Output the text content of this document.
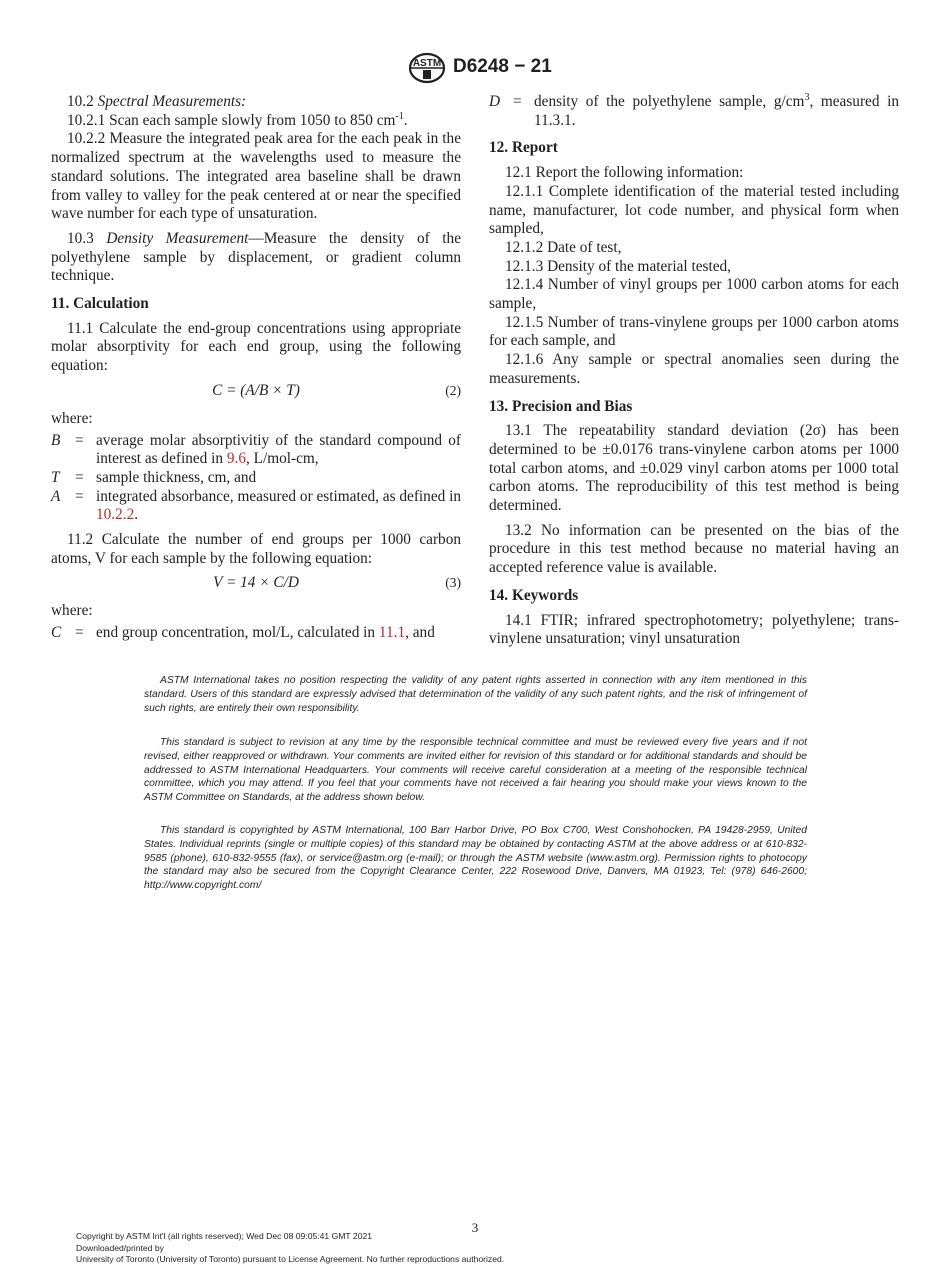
ASTM D6248 − 21

10.2 Spectral Measurements:

10.2.1 Scan each sample slowly from 1050 to 850 $cm^{-1}$.

10.2.2 Measure the integrated peak area for the each peak in the normalized spectrum at the wavelengths used to measure the standard solutions. The integrated area baseline shall be drawn from valley to valley for the peak centered at or near the specified wave number for each type of unsaturation.

10.3 Density Measurement—Measure the density of the polyethylene sample by displacement, or gradient column technique.

11. Calculation

11.1 Calculate the end-group concentrations using appropriate molar absorptivity for each end group, using the following equation:

C = (A/B × T)	(2)

where:

B = average molar absorptivitiy of the standard compound of interest as defined in 9.6, L/mol-cm,
T = sample thickness, cm, and
A = integrated absorbance, measured or estimated, as defined in 10.2.2.

11.2 Calculate the number of end groups per 1000 carbon atoms, V for each sample by the following equation:

V = 14 × C/D	(3)

where:

C = end group concentration, mol/L, calculated in 11.1, and
D = density of the polyethylene sample, $g/cm^3$, measured in 11.3.1.
12. Report

12.1 Report the following information:

12.1.1 Complete identification of the material tested including name, manufacturer, lot code number, and physical form when sampled,

12.1.2 Date of test,

12.1.3 Density of the material tested,

12.1.4 Number of vinyl groups per 1000 carbon atoms for each sample,

12.1.5 Number of trans-vinylene groups per 1000 carbon atoms for each sample, and

12.1.6 Any sample or spectral anomalies seen during the measurements.

13. Precision and Bias

13.1 The repeatability standard deviation (2σ) has been determined to be ±0.0176 trans-vinylene carbon atoms per 1000 total carbon atoms, and ±0.029 vinyl carbon atoms per 1000 total carbon atoms. The reproducibility of this test method is being determined.

13.2 No information can be presented on the bias of the procedure in this test method because no material having an accepted reference value is available.

14. Keywords

14.1 FTIR; infrared spectrophotometry; polyethylene; trans-vinylene unsaturation; vinyl unsaturation

ASTM International takes no position respecting the validity of any patent rights asserted in connection with any item mentioned in this standard. Users of this standard are expressly advised that determination of the validity of any such patent rights, and the risk of infringement of such rights, are entirely their own responsibility.

This standard is subject to revision at any time by the responsible technical committee and must be reviewed every five years and if not revised, either reapproved or withdrawn. Your comments are invited either for revision of this standard or for additional standards and should be addressed to ASTM International Headquarters. Your comments will receive careful consideration at a meeting of the responsible technical committee, which you may attend. If you feel that your comments have not received a fair hearing you should make your views known to the ASTM Committee on Standards, at the address shown below.

This standard is copyrighted by ASTM International, 100 Barr Harbor Drive, PO Box C700, West Conshohocken, PA 19428-2959, United States. Individual reprints (single or multiple copies) of this standard may be obtained by contacting ASTM at the above address or at 610-832-9585 (phone), 610-832-9555 (fax), or service@astm.org (e-mail); or through the ASTM website (www.astm.org). Permission rights to photocopy the standard may also be secured from the Copyright Clearance Center, 222 Rosewood Drive, Danvers, MA 01923, Tel: (978) 646-2600; http://www.copyright.com/

3
Copyright by ASTM Int'l (all rights reserved); Wed Dec 08 09:05:41 GMT 2021
Downloaded/printed by
University of Toronto (University of Toronto) pursuant to License Agreement. No further reproductions authorized.
